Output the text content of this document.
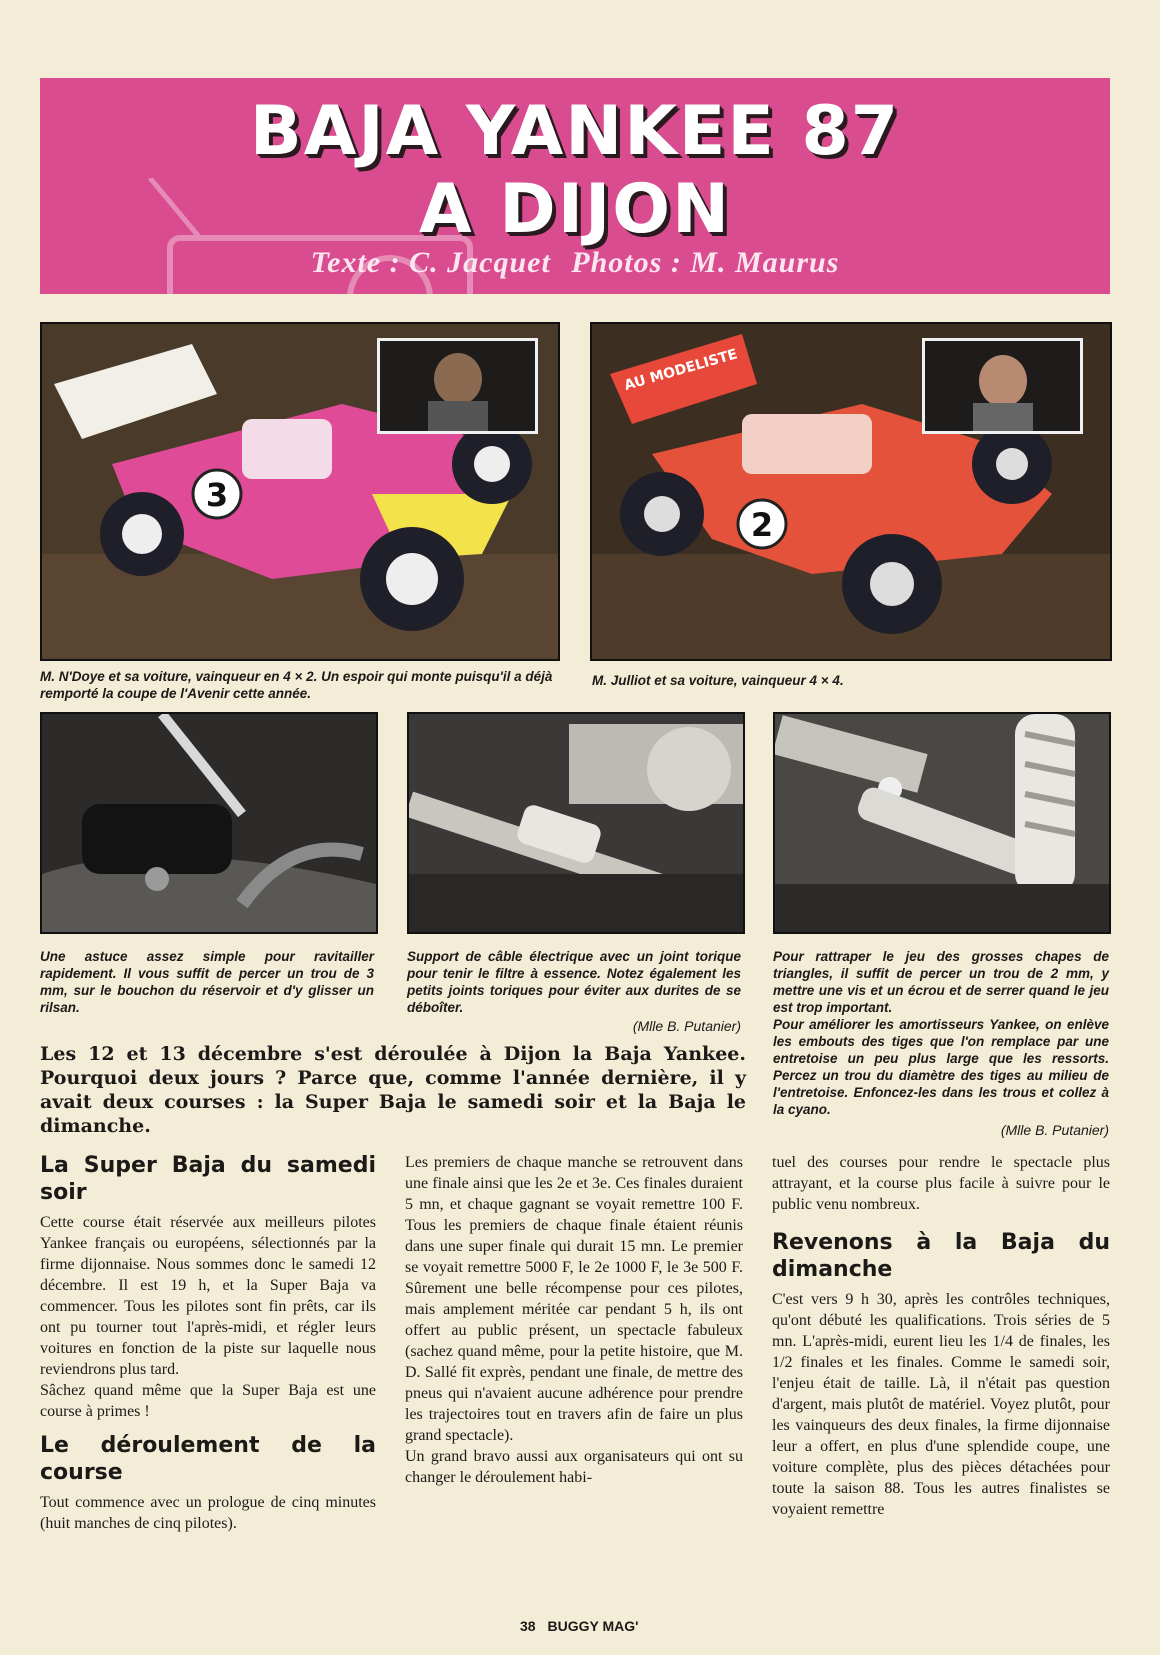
BAJA YANKEE 87
A DIJON
Texte : C. Jacquet Photos : M. Maurus
3
AU MODELISTE
2
M. N'Doye et sa voiture, vainqueur en 4 × 2. Un espoir qui monte puisqu'il a déjà remporté la coupe de l'Avenir cette année.
M. Julliot et sa voiture, vainqueur 4 × 4.
Une astuce assez simple pour ravitailler rapidement. Il vous suffit de percer un trou de 3 mm, sur le bouchon du réservoir et d'y glisser un rilsan.
Support de câble électrique avec un joint torique pour tenir le filtre à essence. Notez également les petits joints toriques pour éviter aux durites de se déboîter.
(Mlle B. Putanier)
Pour rattraper le jeu des grosses chapes de triangles, il suffit de percer un trou de 2 mm, y mettre une vis et un écrou et de serrer quand le jeu est trop important.
Pour améliorer les amortisseurs Yankee, on enlève les embouts des tiges que l'on remplace par une entretoise un peu plus large que les ressorts. Percez un trou du diamètre des tiges au milieu de l'entretoise. Enfoncez-les dans les trous et collez à la cyano.
(Mlle B. Putanier)

Les 12 et 13 décembre s'est déroulée à Dijon la Baja Yankee. Pourquoi deux jours ? Parce que, comme l'année dernière, il y avait deux courses : la Super Baja le samedi soir et la Baja le dimanche.

La Super Baja du samedi soir

Cette course était réservée aux meilleurs pilotes Yankee français ou européens, sélectionnés par la firme dijonnaise. Nous sommes donc le samedi 12 décembre. Il est 19 h, et la Super Baja va commencer. Tous les pilotes sont fin prêts, car ils ont pu tourner tout l'après-midi, et régler leurs voitures en fonction de la piste sur laquelle nous reviendrons plus tard.

Sâchez quand même que la Super Baja est une course à primes !

Le déroulement de la course

Tout commence avec un prologue de cinq minutes (huit manches de cinq pilotes).

Les premiers de chaque manche se retrouvent dans une finale ainsi que les 2e et 3e. Ces finales duraient 5 mn, et chaque gagnant se voyait remettre 100 F. Tous les premiers de chaque finale étaient réunis dans une super finale qui durait 15 mn. Le premier se voyait remettre 5000 F, le 2e 1000 F, le 3e 500 F. Sûrement une belle récompense pour ces pilotes, mais amplement méritée car pendant 5 h, ils ont offert au public présent, un spectacle fabuleux (sachez quand même, pour la petite histoire, que M. D. Sallé fit exprès, pendant une finale, de mettre des pneus qui n'avaient aucune adhérence pour prendre les trajectoires tout en travers afin de faire un plus grand spectacle).

Un grand bravo aussi aux organisateurs qui ont su changer le déroulement habi-

tuel des courses pour rendre le spectacle plus attrayant, et la course plus facile à suivre pour le public venu nombreux.

Revenons à la Baja du dimanche

C'est vers 9 h 30, après les contrôles techniques, qu'ont débuté les qualifications. Trois séries de 5 mn. L'après-midi, eurent lieu les 1/4 de finales, les 1/2 finales et les finales. Comme le samedi soir, l'enjeu était de taille. Là, il n'était pas question d'argent, mais plutôt de matériel. Voyez plutôt, pour les vainqueurs des deux finales, la firme dijonnaise leur a offert, en plus d'une splendide coupe, une voiture complète, plus des pièces détachées pour toute la saison 88. Tous les autres finalistes se voyaient remettre

38 BUGGY MAG'
